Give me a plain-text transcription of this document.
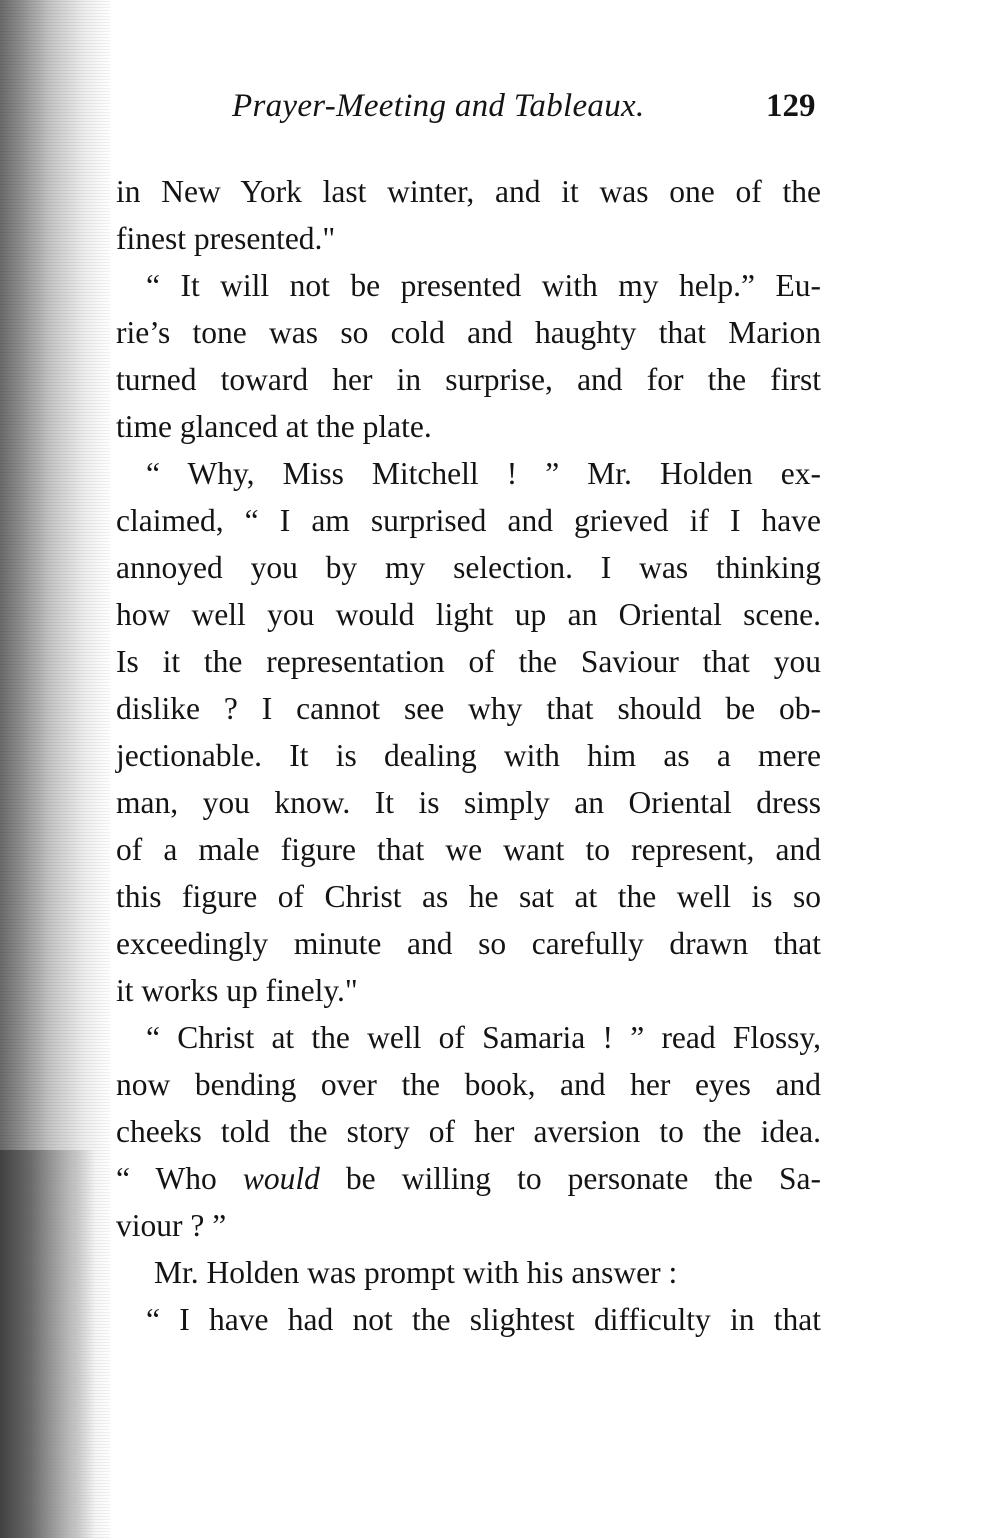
Prayer-Meeting and Tableaux.	129
in New York last winter, and it was one of the
finest presented."
“ It will not be presented with my help.” Eu-
rie’s tone was so cold and haughty that Marion
turned toward her in surprise, and for the first
time glanced at the plate.
“ Why, Miss Mitchell ! ” Mr. Holden ex-
claimed, “ I am surprised and grieved if I have
annoyed you by my selection. I was thinking
how well you would light up an Oriental scene.
Is it the representation of the Saviour that you
dislike ? I cannot see why that should be ob-
jectionable. It is dealing with him as a mere
man, you know. It is simply an Oriental dress
of a male figure that we want to represent, and
this figure of Christ as he sat at the well is so
exceedingly minute and so carefully drawn that
it works up finely."
“ Christ at the well of Samaria ! ” read Flossy,
now bending over the book, and her eyes and
cheeks told the story of her aversion to the idea.
“ Who would be willing to personate the Sa-
viour ? ”
Mr. Holden was prompt with his answer :
“ I have had not the slightest difficulty in that
